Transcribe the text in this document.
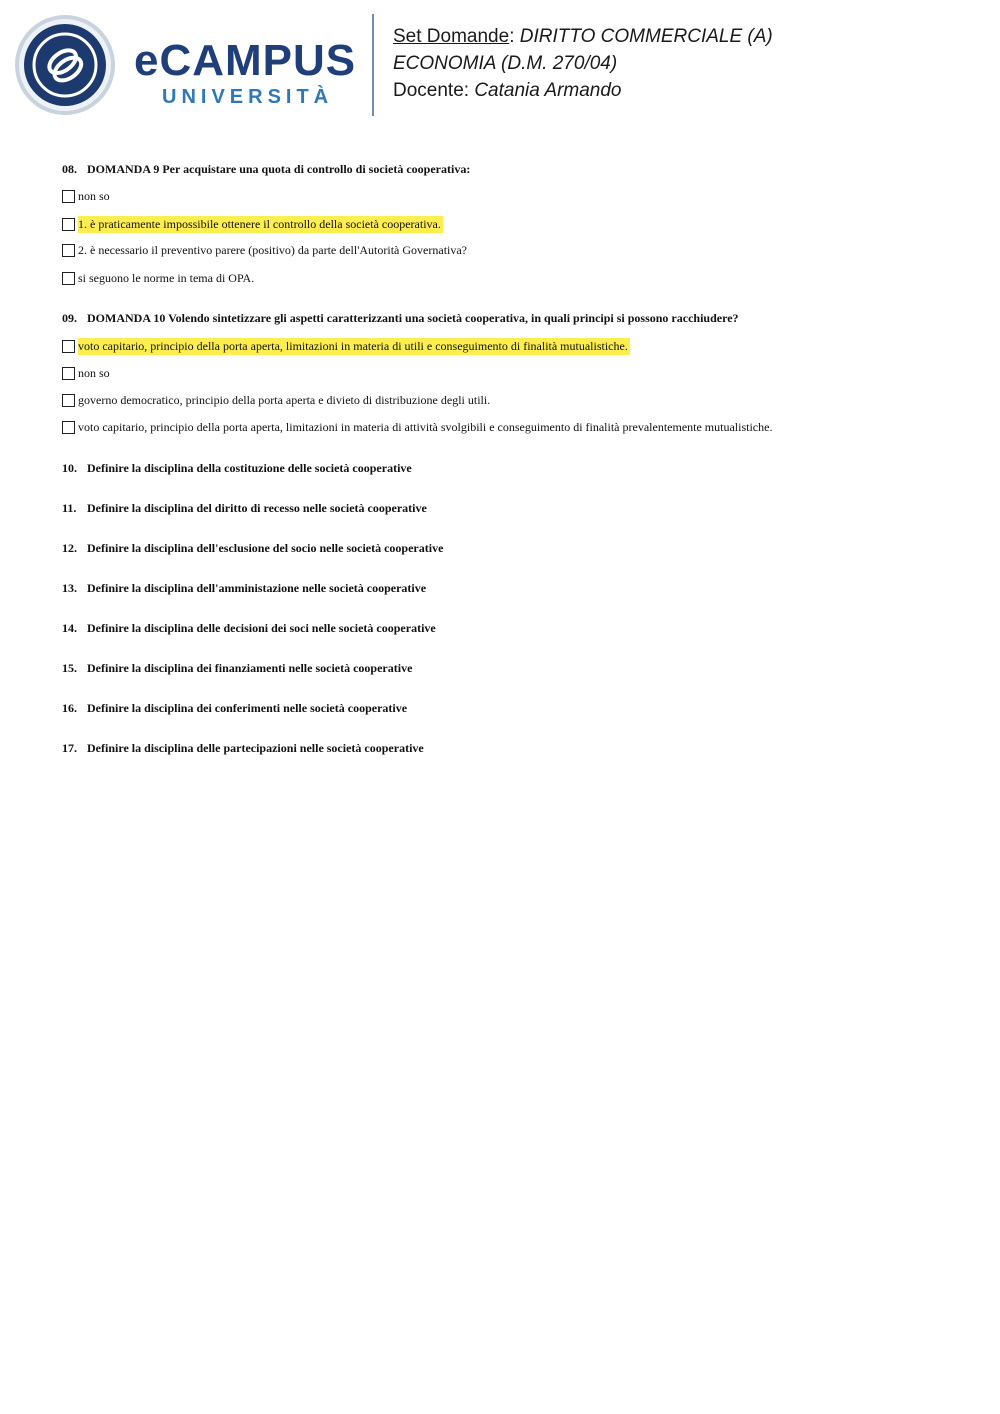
eCAMPUS
UNIVERSITÀ
Set Domande: DIRITTO COMMERCIALE (A)
ECONOMIA (D.M. 270/04)
Docente: Catania Armando
08. DOMANDA 9 Per acquistare una quota di controllo di società cooperativa:
non so
1. è praticamente impossibile ottenere il controllo della società cooperativa.
2. è necessario il preventivo parere (positivo) da parte dell'Autorità Governativa?
si seguono le norme in tema di OPA.
09. DOMANDA 10 Volendo sintetizzare gli aspetti caratterizzanti una società cooperativa, in quali principi si possono racchiudere?
voto capitario, principio della porta aperta, limitazioni in materia di utili e conseguimento di finalità mutualistiche.
non so
governo democratico, principio della porta aperta e divieto di distribuzione degli utili.
voto capitario, principio della porta aperta, limitazioni in materia di attività svolgibili e conseguimento di finalità prevalentemente mutualistiche.
10. Definire la disciplina della costituzione delle società cooperative
11. Definire la disciplina del diritto di recesso nelle società cooperative
12. Definire la disciplina dell'esclusione del socio nelle società cooperative
13. Definire la disciplina dell'amministazione nelle società cooperative
14. Definire la disciplina delle decisioni dei soci nelle società cooperative
15. Definire la disciplina dei finanziamenti nelle società cooperative
16. Definire la disciplina dei conferimenti nelle società cooperative
17. Definire la disciplina delle partecipazioni nelle società cooperative
